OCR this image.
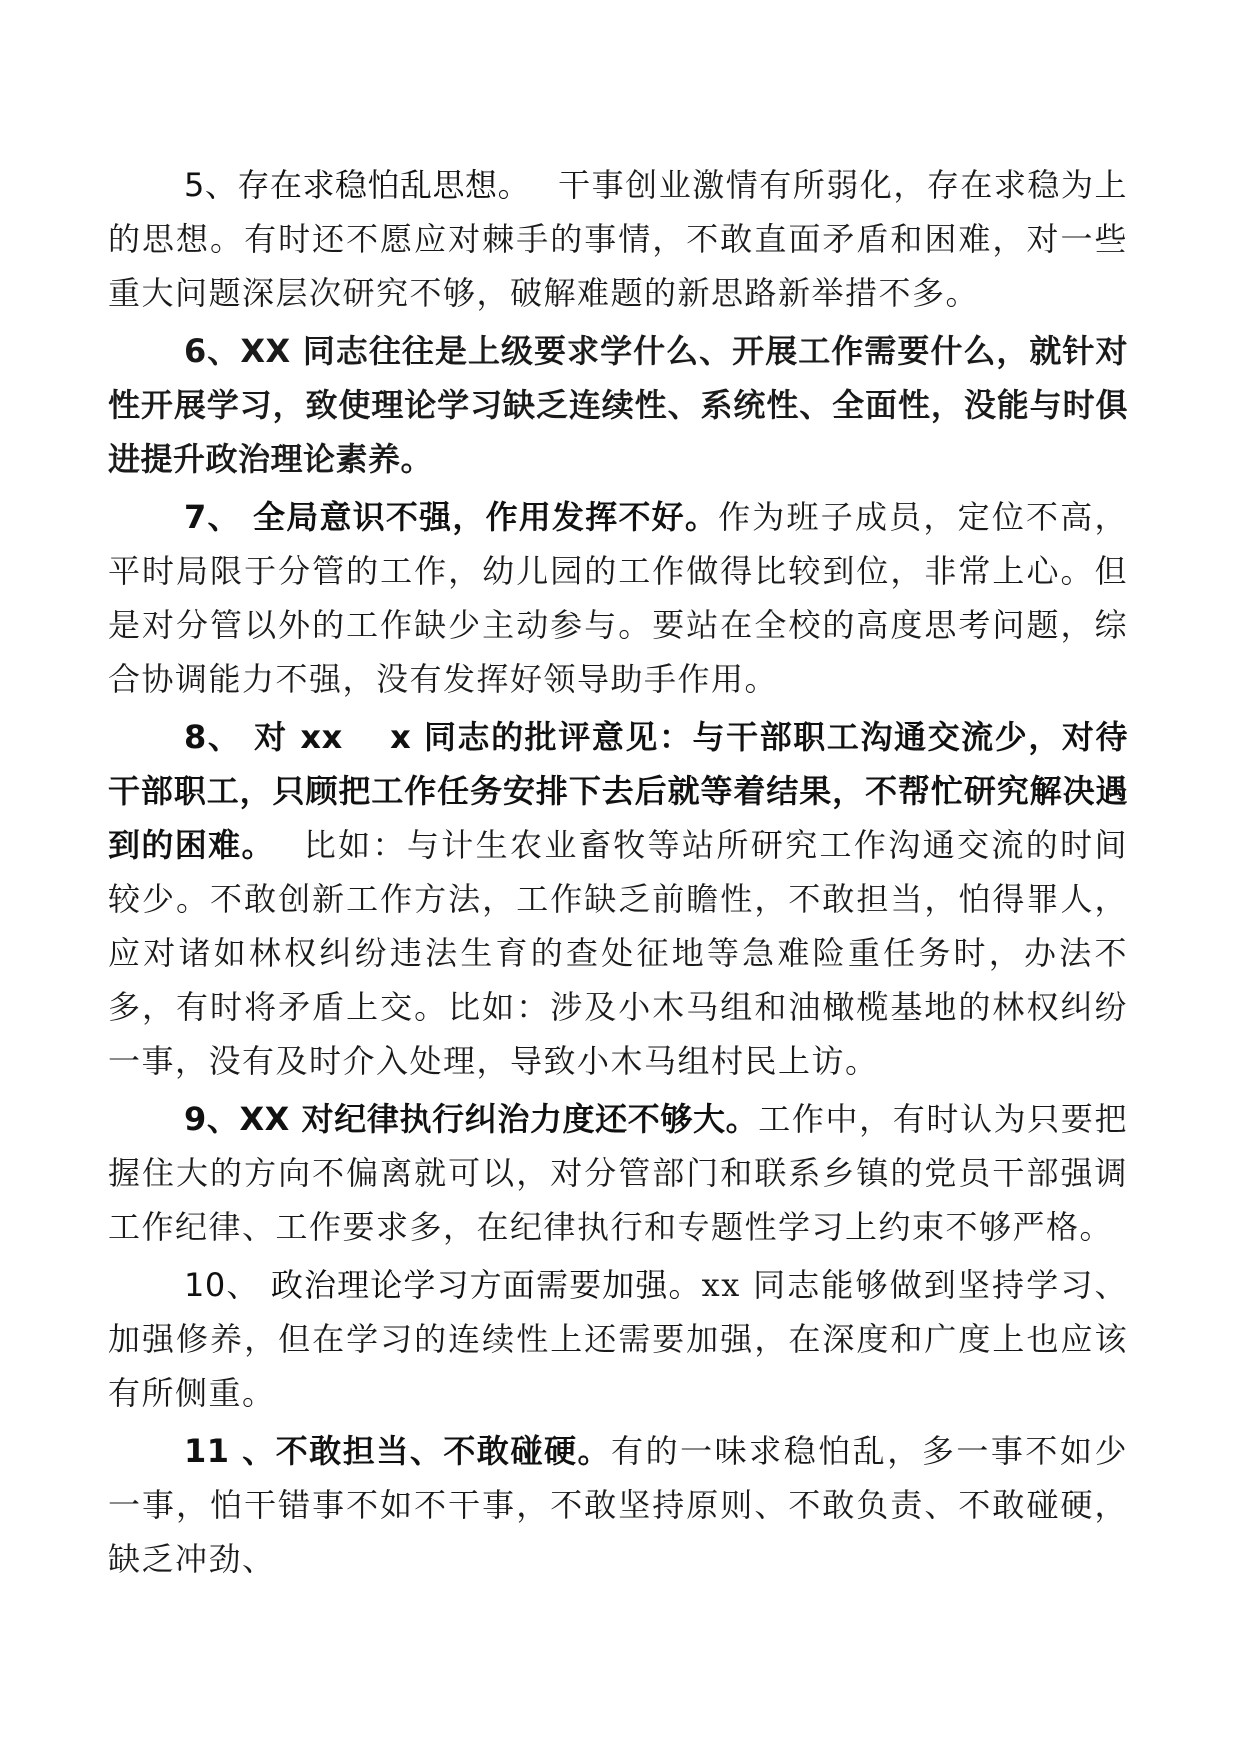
5、存在求稳怕乱思想。 干事创业激情有所弱化，存在求稳为上的思想。有时还不愿应对棘手的事情，不敢直面矛盾和困难，对一些重大问题深层次研究不够，破解难题的新思路新举措不多。

6、XX 同志往往是上级要求学什么、开展工作需要什么，就针对性开展学习，致使理论学习缺乏连续性、系统性、全面性，没能与时俱进提升政治理论素养。

7、 全局意识不强，作用发挥不好。作为班子成员，定位不高，平时局限于分管的工作，幼儿园的工作做得比较到位，非常上心。但是对分管以外的工作缺少主动参与。要站在全校的高度思考问题，综合协调能力不强，没有发挥好领导助手作用。

8、 对 xx　 x 同志的批评意见：与干部职工沟通交流少，对待干部职工，只顾把工作任务安排下去后就等着结果，不帮忙研究解决遇到的困难。 比如：与计生农业畜牧等站所研究工作沟通交流的时间较少。不敢创新工作方法，工作缺乏前瞻性，不敢担当，怕得罪人，应对诸如林权纠纷违法生育的查处征地等急难险重任务时，办法不多，有时将矛盾上交。比如：涉及小木马组和油橄榄基地的林权纠纷一事，没有及时介入处理，导致小木马组村民上访。

9、XX 对纪律执行纠治力度还不够大。工作中，有时认为只要把握住大的方向不偏离就可以，对分管部门和联系乡镇的党员干部强调工作纪律、工作要求多，在纪律执行和专题性学习上约束不够严格。

10、 政治理论学习方面需要加强。xx 同志能够做到坚持学习、加强修养，但在学习的连续性上还需要加强，在深度和广度上也应该有所侧重。

11 、不敢担当、不敢碰硬。有的一味求稳怕乱，多一事不如少一事，怕干错事不如不干事，不敢坚持原则、不敢负责、不敢碰硬，缺乏冲劲、
